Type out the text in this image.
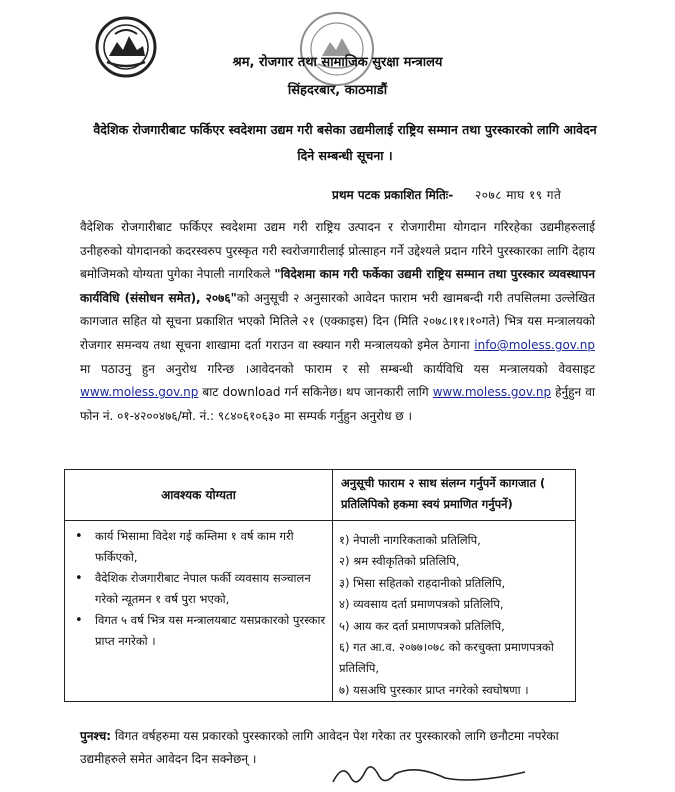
श्रम, रोजगार तथा सामाजिक सुरक्षा मन्त्रालय
सिंहदरबार, काठमाडौं
वैदेशिक रोजगारीबाट फर्किएर स्वदेशमा उद्यम गरी बसेका उद्यमीलाई राष्ट्रिय सम्मान तथा पुरस्कारको लागि आवेदन दिने सम्बन्धी सूचना ।
प्रथम पटक प्रकाशित मितिः- २०७८ माघ १९ गते
वैदेशिक रोजगारीबाट फर्किएर स्वदेशमा उद्यम गरी राष्ट्रिय उत्पादन र रोजगारीमा योगदान गरिरहेका उद्यमीहरुलाई उनीहरुको योगदानको कदरस्वरुप पुरस्कृत गरी स्वरोजगारीलाई प्रोत्साहन गर्ने उद्देश्यले प्रदान गरिने पुरस्कारका लागि देहाय बमोजिमको योग्यता पुगेका नेपाली नागरिकले "विदेशमा काम गरी फर्केका उद्यमी राष्ट्रिय सम्मान तथा पुरस्कार व्यवस्थापन कार्यविधि (संसोधन समेत), २०७६"को अनुसूची २ अनुसारको आवेदन फाराम भरी खामबन्दी गरी तपसिलमा उल्लेखित कागजात सहित यो सूचना प्रकाशित भएको मितिले २१ (एक्काइस) दिन (मिति २०७८।११।१०गते) भित्र यस मन्त्रालयको रोजगार समन्वय तथा सूचना शाखामा दर्ता गराउन वा स्क्यान गरी मन्त्रालयको इमेल ठेगाना info@moless.gov.np मा पठाउनु हुन अनुरोध गरिन्छ ।आवेदनको फाराम र सो सम्बन्धी कार्यविधि यस मन्त्रालयको वेवसाइट www.moless.gov.np बाट download गर्न सकिनेछ। थप जानकारी लागि www.moless.gov.np हेर्नुहुन वा फोन नं. ०१-४२००४७६/मो. नं.: ९८४०६१०६३० मा सम्पर्क गर्नुहुन अनुरोध छ ।
आवश्यक योग्यता
अनुसूची फाराम २ साथ संलग्न गर्नुपर्ने कागजात ( प्रतिलिपिको हकमा स्वयं प्रमाणित गर्नुपर्ने)
• कार्य भिसामा विदेश गई कम्तिमा १ वर्ष काम गरी फर्किएको,
• वैदेशिक रोजगारीबाट नेपाल फर्की व्यवसाय सञ्चालन गरेको न्यूतमन १ वर्ष पुरा भएको,
• विगत ५ वर्ष भित्र यस मन्त्रालयबाट यसप्रकारको पुरस्कार प्राप्त नगरेको ।
१) नेपाली नागरिकताको प्रतिलिपि,
२) श्रम स्वीकृतिको प्रतिलिपि,
३) भिसा सहितको राहदानीको प्रतिलिपि,
४) व्यवसाय दर्ता प्रमाणपत्रको प्रतिलिपि,
५) आय कर दर्ता प्रमाणपत्रको प्रतिलिपि,
६) गत आ.व. २०७७।०७८ को करचुक्ता प्रमाणपत्रको प्रतिलिपि,
७) यसअघि पुरस्कार प्राप्त नगरेको स्वघोषणा ।
पुनश्च: विगत वर्षहरुमा यस प्रकारको पुरस्कारको लागि आवेदन पेश गरेका तर पुरस्कारको लागि छनौटमा नपरेका उद्यमीहरुले समेत आवेदन दिन सक्नेछन् ।
